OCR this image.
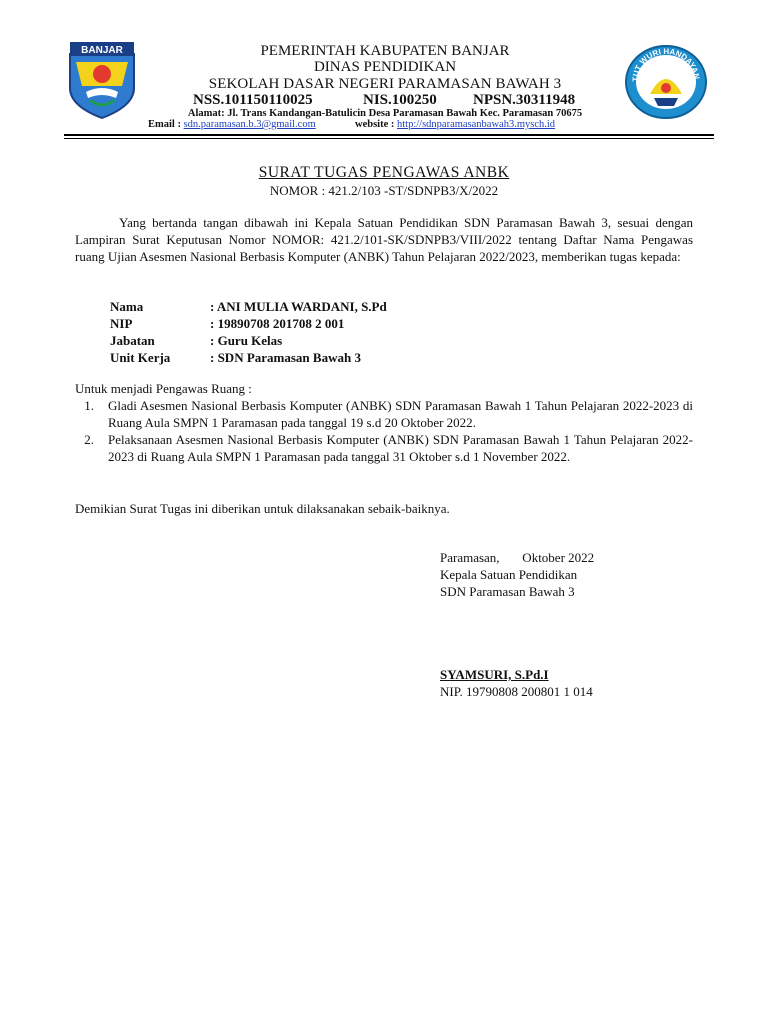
BANJAR
TUT WURI HANDAYAN
PEMERINTAH KABUPATEN BANJAR
DINAS PENDIDIKAN
SEKOLAH DASAR NEGERI PARAMASAN BAWAH 3
NSS.101150110025	NIS.100250 NPSN.30311948
Alamat: Jl. Trans Kandangan-Batulicin Desa Paramasan Bawah Kec. Paramasan 70675
Email : sdn.paramasan.b.3@gmail.com	website : http://sdnparamasanbawah3.mysch.id
SURAT TUGAS PENGAWAS ANBK
NOMOR : 421.2/103 -ST/SDNPB3/X/2022
Yang bertanda tangan dibawah ini Kepala Satuan Pendidikan SDN Paramasan Bawah 3, sesuai dengan Lampiran Surat Keputusan Nomor NOMOR: 421.2/101-SK/SDNPB3/VIII/2022 tentang Daftar Nama Pengawas ruang Ujian Asesmen Nasional Berbasis Komputer (ANBK) Tahun Pelajaran 2022/2023, memberikan tugas kepada:
Nama	: ANI MULIA WARDANI, S.Pd
NIP	: 19890708 201708 2 001
Jabatan	: Guru Kelas
Unit Kerja	: SDN Paramasan Bawah 3
Untuk menjadi Pengawas Ruang :
1.	Gladi Asesmen Nasional Berbasis Komputer (ANBK) SDN Paramasan Bawah 1 Tahun Pelajaran 2022-2023 di Ruang Aula SMPN 1 Paramasan pada tanggal 19 s.d 20 Oktober 2022.
2.	Pelaksanaan Asesmen Nasional Berbasis Komputer (ANBK) SDN Paramasan Bawah 1 Tahun Pelajaran 2022-2023 di Ruang Aula SMPN 1 Paramasan pada tanggal 31 Oktober s.d 1 November 2022.
Demikian Surat Tugas ini diberikan untuk dilaksanakan sebaik-baiknya.
Paramasan,       Oktober 2022
Kepala Satuan Pendidikan
SDN Paramasan Bawah 3
SYAMSURI, S.Pd.I
NIP. 19790808 200801 1 014
